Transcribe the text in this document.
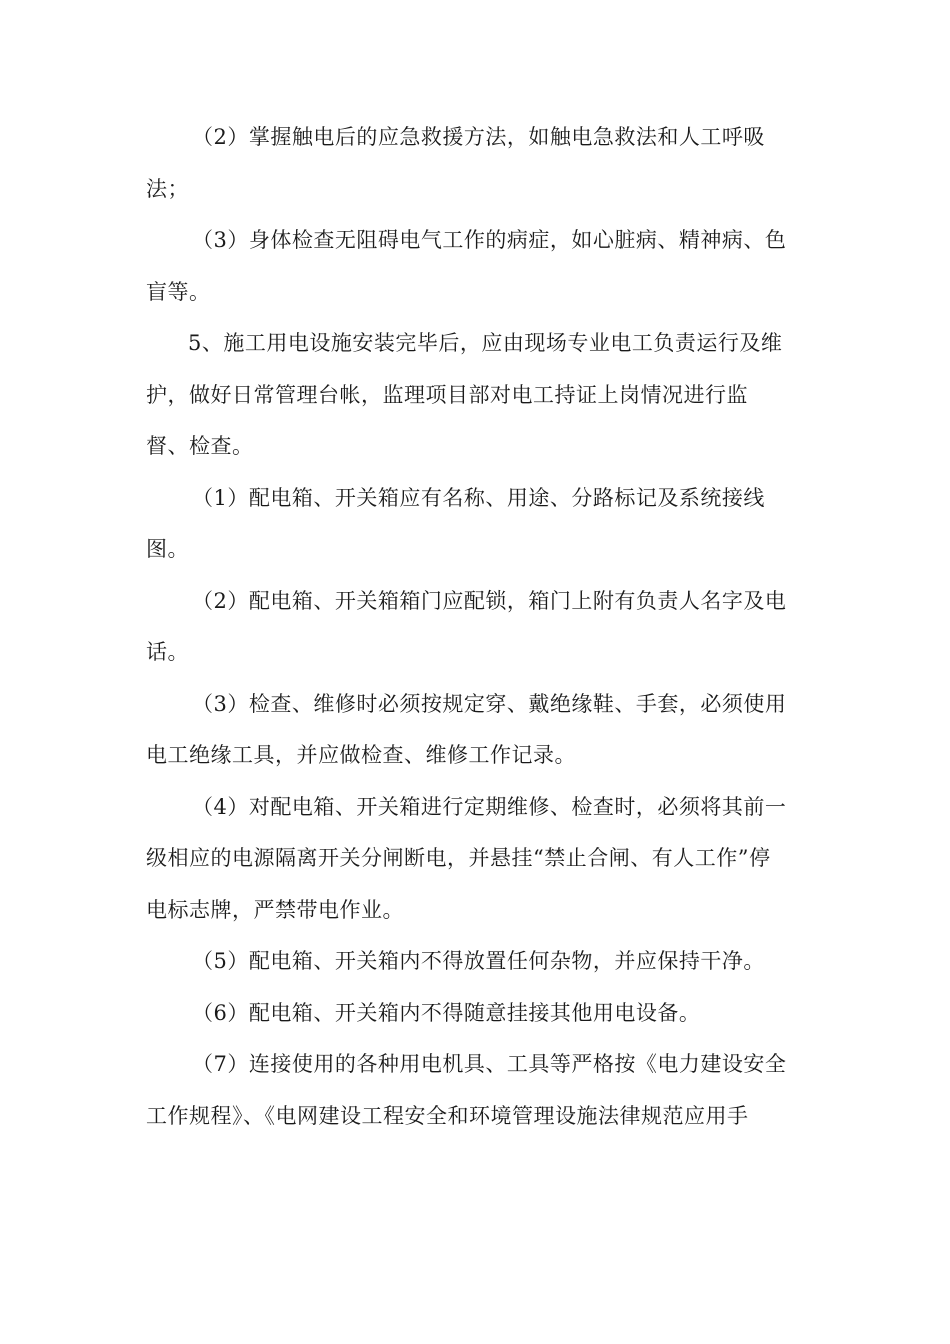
（2）掌握触电后的应急救援方法，如触电急救法和人工呼吸
法；
（3）身体检查无阻碍电气工作的病症，如心脏病、精神病、色
盲等。
5、施工用电设施安装完毕后，应由现场专业电工负责运行及维
护，做好日常管理台帐，监理项目部对电工持证上岗情况进行监
督、检查。
（1）配电箱、开关箱应有名称、用途、分路标记及系统接线
图。
（2）配电箱、开关箱箱门应配锁，箱门上附有负责人名字及电
话。
（3）检查、维修时必须按规定穿、戴绝缘鞋、手套，必须使用
电工绝缘工具，并应做检查、维修工作记录。
（4）对配电箱、开关箱进行定期维修、检查时，必须将其前一
级相应的电源隔离开关分闸断电，并悬挂“禁止合闸、有人工作”停
电标志牌，严禁带电作业。
（5）配电箱、开关箱内不得放置任何杂物，并应保持干净。
（6）配电箱、开关箱内不得随意挂接其他用电设备。
（7）连接使用的各种用电机具、工具等严格按《电力建设安全
工作规程》、《电网建设工程安全和环境管理设施法律规范应用手
